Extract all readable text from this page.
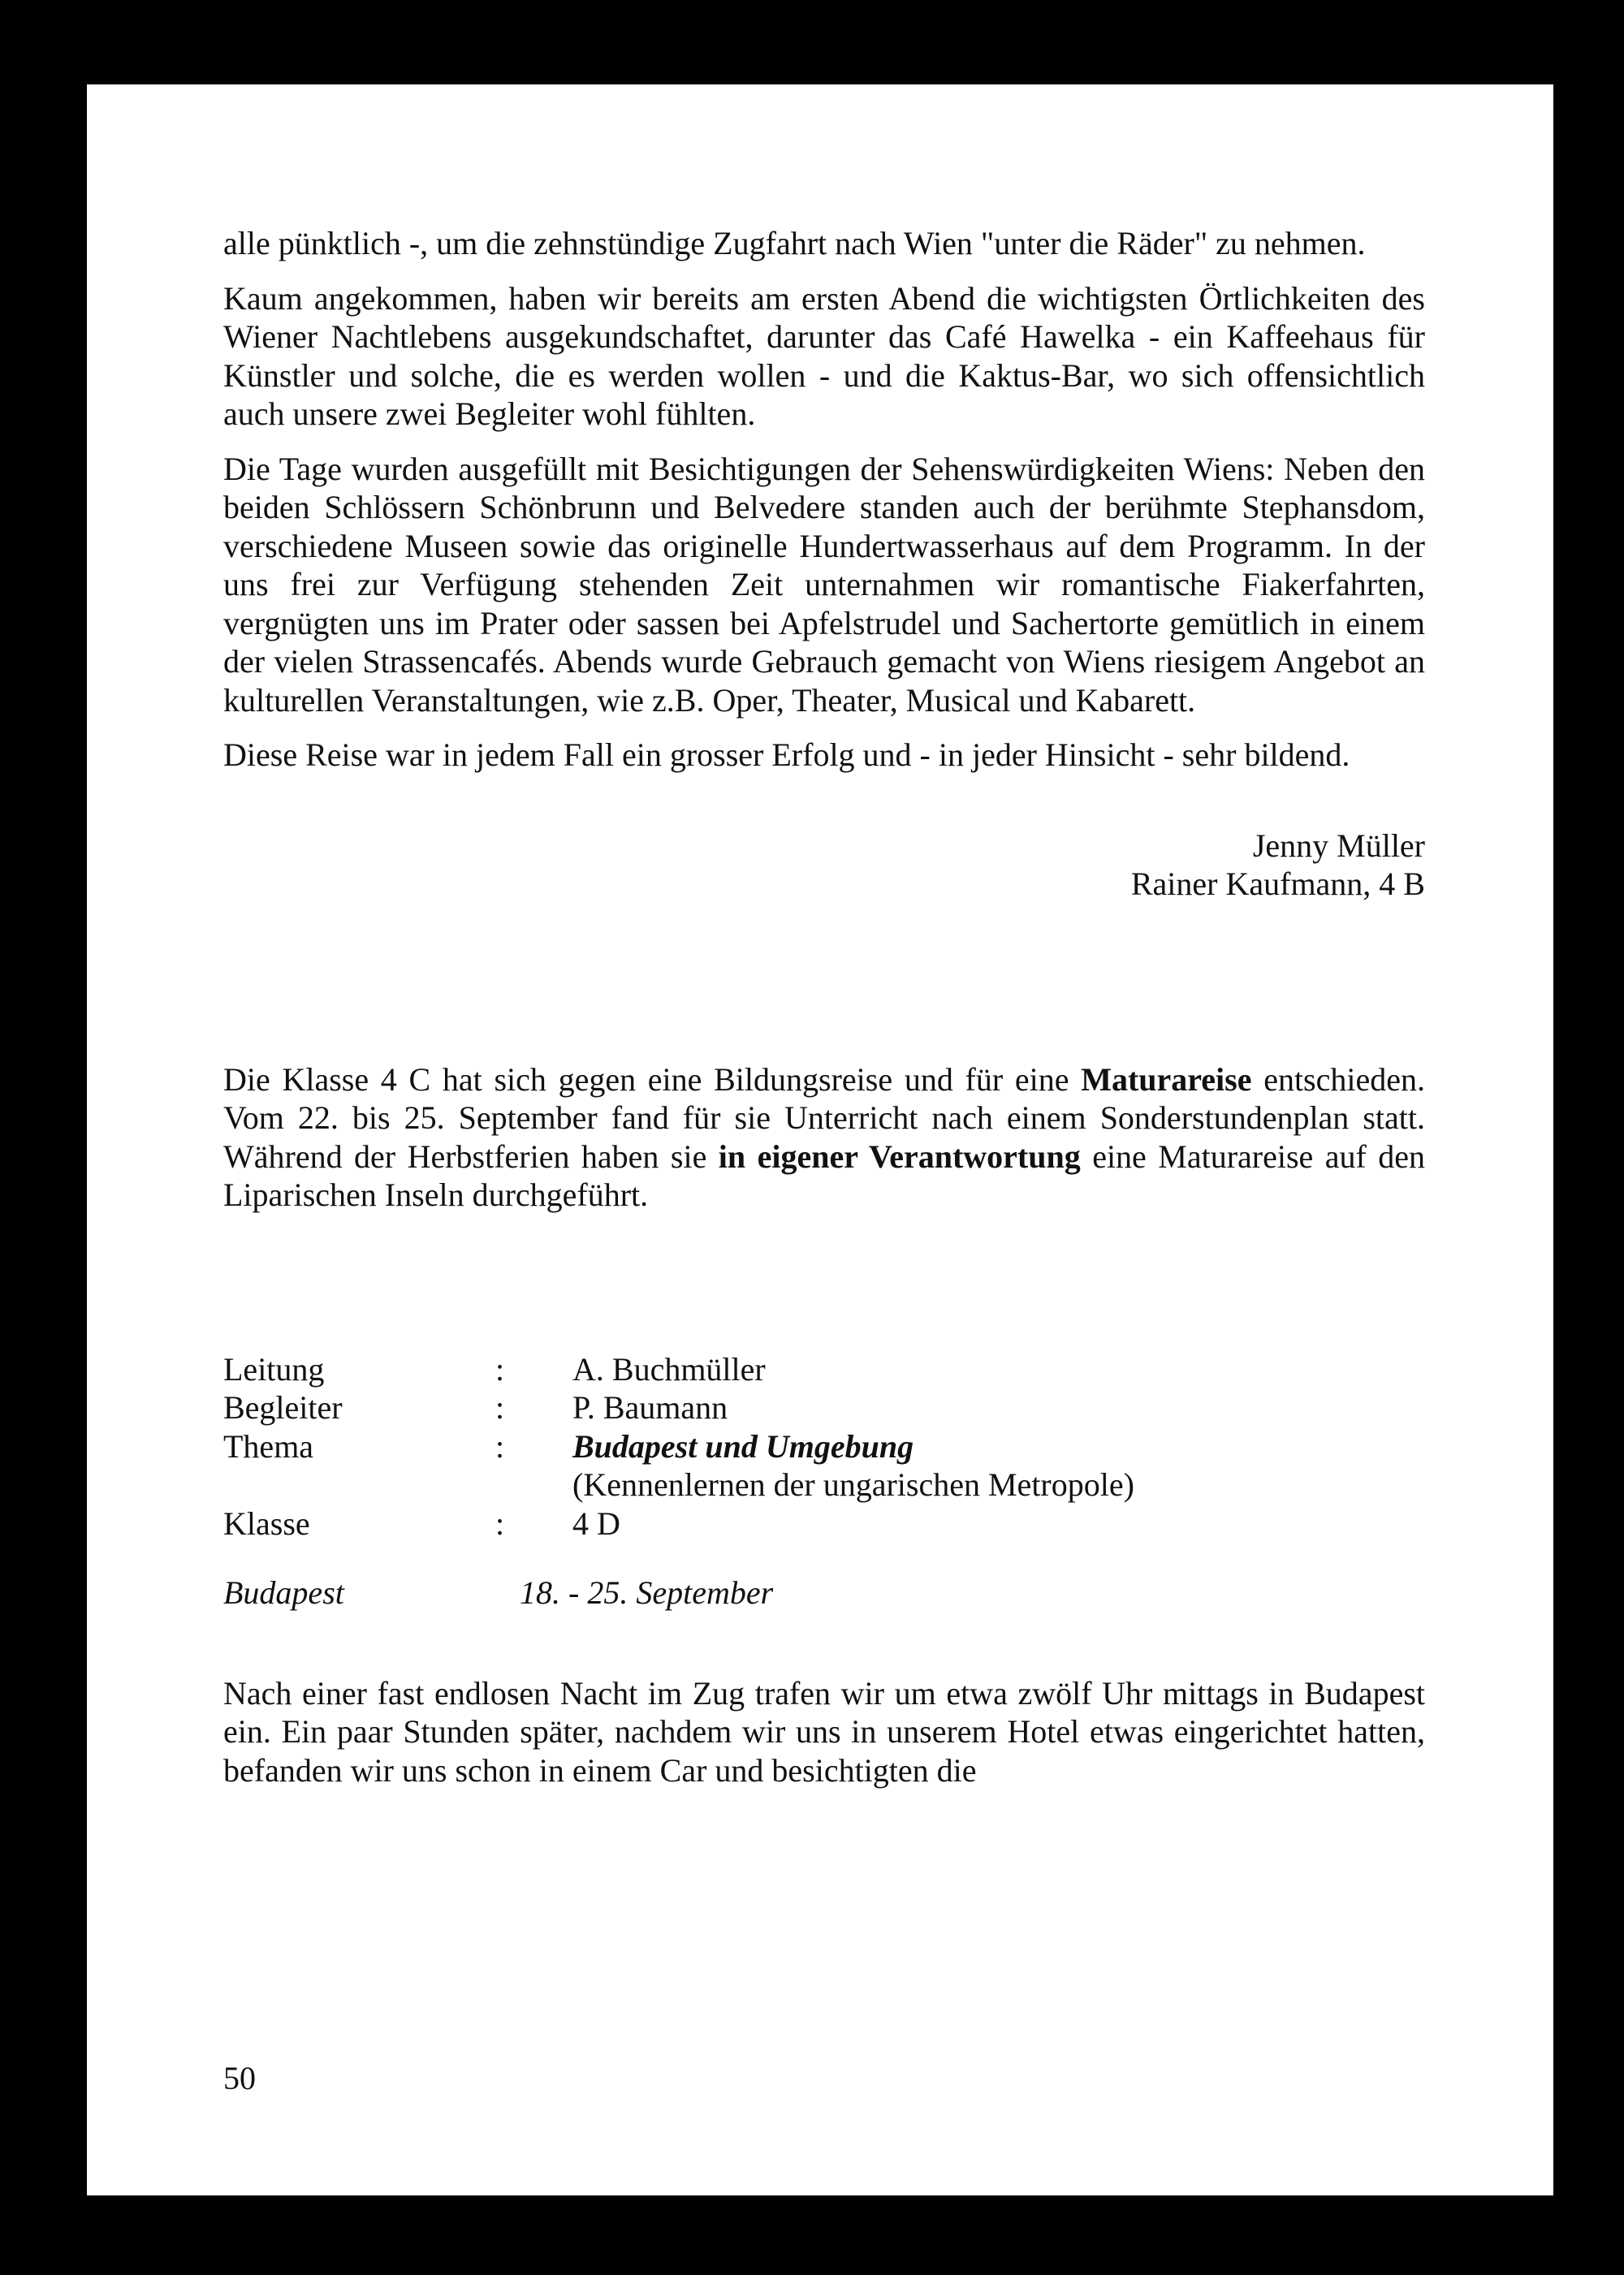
alle pünktlich -, um die zehnstündige Zugfahrt nach Wien "unter die Räder" zu nehmen.

Kaum angekommen, haben wir bereits am ersten Abend die wichtigsten Örtlichkeiten des Wiener Nachtlebens ausgekundschaftet, darunter das Café Hawelka - ein Kaffeehaus für Künstler und solche, die es werden wollen - und die Kaktus-Bar, wo sich offensichtlich auch unsere zwei Begleiter wohl fühlten.

Die Tage wurden ausgefüllt mit Besichtigungen der Sehenswürdigkeiten Wiens: Neben den beiden Schlössern Schönbrunn und Belvedere standen auch der berühmte Stephansdom, verschiedene Museen sowie das originelle Hundertwasserhaus auf dem Programm. In der uns frei zur Verfügung stehenden Zeit unternahmen wir romantische Fiakerfahrten, vergnügten uns im Prater oder sassen bei Apfelstrudel und Sachertorte gemütlich in einem der vielen Strassencafés. Abends wurde Gebrauch gemacht von Wiens riesigem Angebot an kulturellen Veranstaltungen, wie z.B. Oper, Theater, Musical und Kabarett.

Diese Reise war in jedem Fall ein grosser Erfolg und - in jeder Hinsicht - sehr bildend.

Jenny Müller
Rainer Kaufmann, 4 B

Die Klasse 4 C hat sich gegen eine Bildungsreise und für eine Maturareise entschieden. Vom 22. bis 25. September fand für sie Unterricht nach einem Sonderstundenplan statt. Während der Herbstferien haben sie in eigener Verantwortung eine Maturareise auf den Liparischen Inseln durchgeführt.

Leitung	:	A. Buchmüller
Begleiter	:	P. Baumann
Thema	:	Budapest und Umgebung
(Kennenlernen der ungarischen Metropole)
Klasse	:	4 D
Budapest	18. - 25. September

Nach einer fast endlosen Nacht im Zug trafen wir um etwa zwölf Uhr mittags in Budapest ein. Ein paar Stunden später, nachdem wir uns in unserem Hotel etwas eingerichtet hatten, befanden wir uns schon in einem Car und besichtigten die

50
